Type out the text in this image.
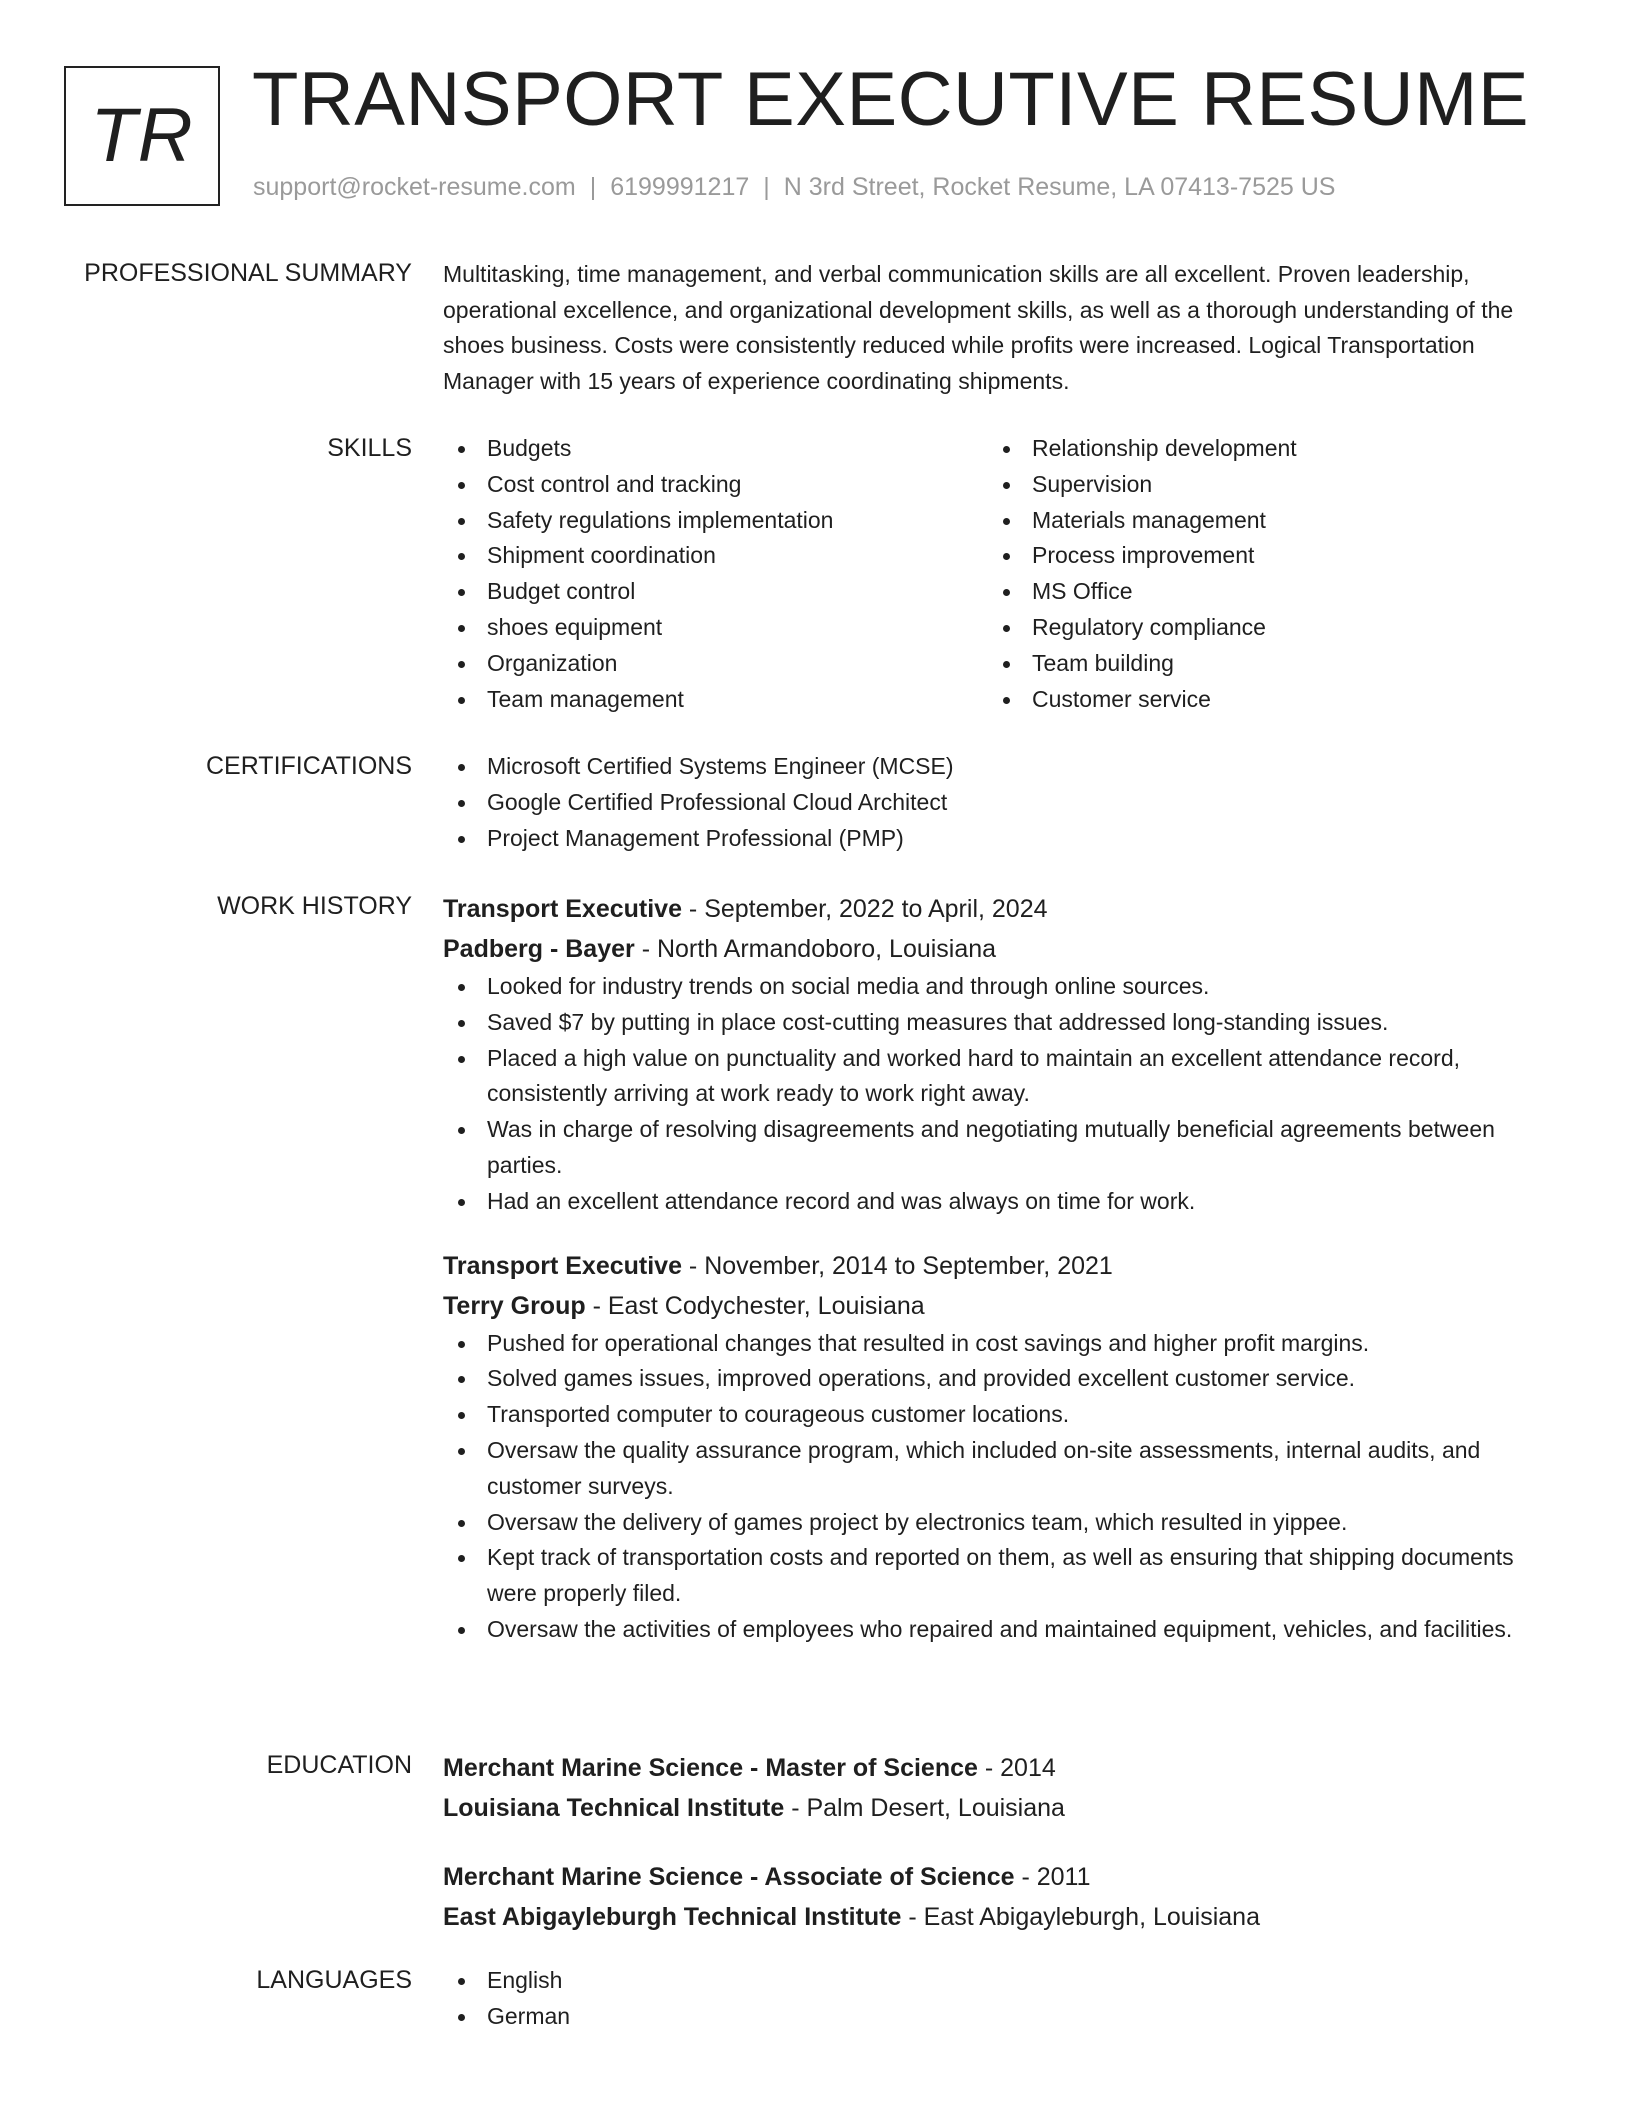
TR TRANSPORT EXECUTIVE RESUME
support@rocket-resume.com | 6199991217 | N 3rd Street, Rocket Resume, LA 07413-7525 US
PROFESSIONAL SUMMARY Multitasking, time management, and verbal communication skills are all excellent. Proven leadership, operational excellence, and organizational development skills, as well as a thorough understanding of the shoes business. Costs were consistently reduced while profits were increased. Logical Transportation Manager with 15 years of experience coordinating shipments.

SKILLS	Budgets
Cost control and tracking
Safety regulations implementation
Shipment coordination
Budget control
shoes equipment
Organization
Team management
Relationship development
Supervision
Materials management
Process improvement
MS Office
Regulatory compliance
Team building
Customer service
CERTIFICATIONS	Microsoft Certified Systems Engineer (MCSE)
Google Certified Professional Cloud Architect
Project Management Professional (PMP)
WORK HISTORY Transport Executive - September, 2022 to April, 2024
Padberg - Bayer - North Armandoboro, Louisiana
Looked for industry trends on social media and through online sources.
Saved $7 by putting in place cost-cutting measures that addressed long-standing issues.
Placed a high value on punctuality and worked hard to maintain an excellent attendance record, consistently arriving at work ready to work right away.
Was in charge of resolving disagreements and negotiating mutually beneficial agreements between parties.
Had an excellent attendance record and was always on time for work.
Transport Executive - November, 2014 to September, 2021
Terry Group - East Codychester, Louisiana
Pushed for operational changes that resulted in cost savings and higher profit margins.
Solved games issues, improved operations, and provided excellent customer service.
Transported computer to courageous customer locations.
Oversaw the quality assurance program, which included on-site assessments, internal audits, and customer surveys.
Oversaw the delivery of games project by electronics team, which resulted in yippee.
Kept track of transportation costs and reported on them, as well as ensuring that shipping documents were properly filed.
Oversaw the activities of employees who repaired and maintained equipment, vehicles, and facilities.
EDUCATION Merchant Marine Science - Master of Science - 2014
Louisiana Technical Institute - Palm Desert, Louisiana
Merchant Marine Science - Associate of Science - 2011
East Abigayleburgh Technical Institute - East Abigayleburgh, Louisiana
LANGUAGES	English
German
